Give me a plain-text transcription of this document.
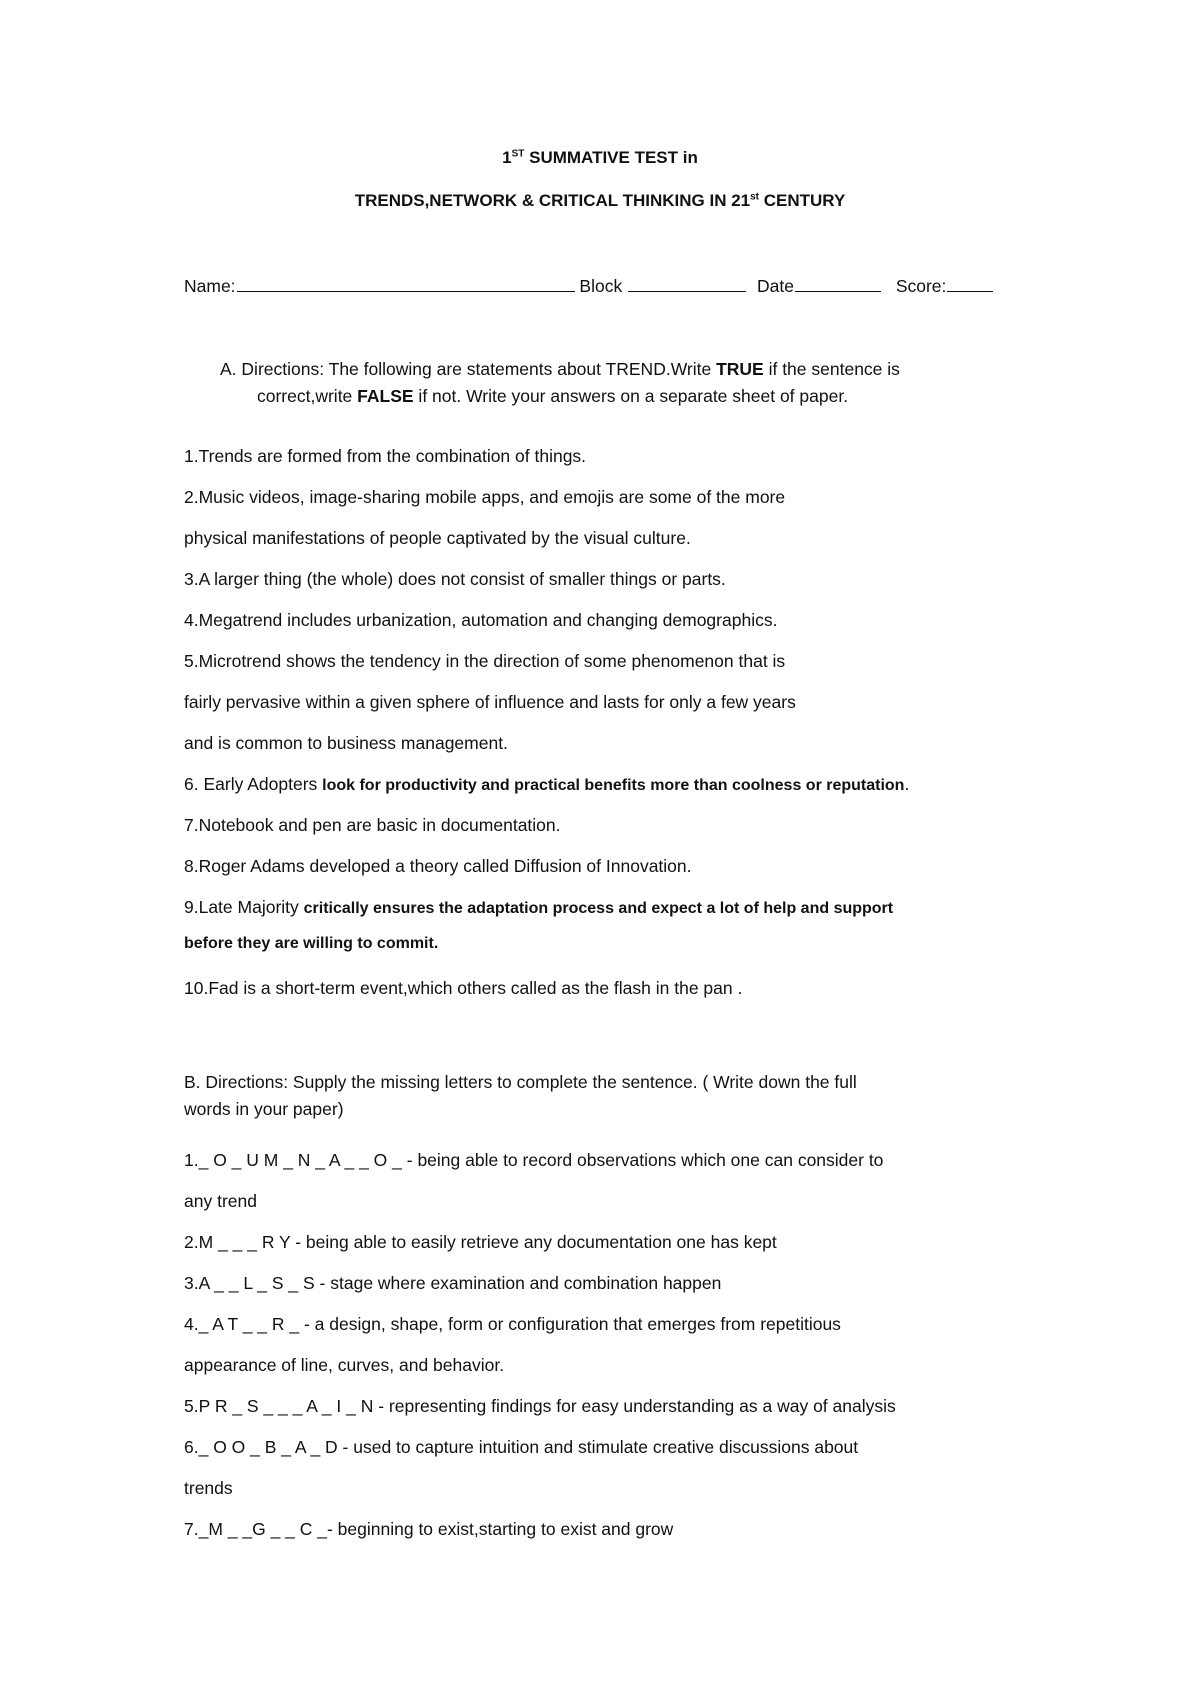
1ST SUMMATIVE TEST in
TRENDS,NETWORK & CRITICAL THINKING IN 21st CENTURY
Name:	Block	Date	Score:
A. Directions: The following are statements about TREND.Write TRUE if the sentence is
correct,write FALSE if not. Write your answers on a separate sheet of paper.
1.Trends are formed from the combination of things.
2.Music videos, image-sharing mobile apps, and emojis are some of the more
physical manifestations of people captivated by the visual culture.
3.A larger thing (the whole) does not consist of smaller things or parts.
4.Megatrend includes urbanization, automation and changing demographics.
5.Microtrend shows the tendency in the direction of some phenomenon that is
fairly pervasive within a given sphere of influence and lasts for only a few years
and is common to business management.
6. Early Adopters look for productivity and practical benefits more than coolness or reputation.
7.Notebook and pen are basic in documentation.
8.Roger Adams developed a theory called Diffusion of Innovation.
9.Late Majority critically ensures the adaptation process and expect a lot of help and support
before they are willing to commit.
10.Fad is a short-term event,which others called as the flash in the pan .
B. Directions: Supply the missing letters to complete the sentence. ( Write down the full
words in your paper)
1._ O _ U M _ N _ A _ _ O _ - being able to record observations which one can consider to
any trend
2.M _ _ _ R Y - being able to easily retrieve any documentation one has kept
3.A _ _ L _ S _ S - stage where examination and combination happen
4._ A T _ _ R _ - a design, shape, form or configuration that emerges from repetitious
appearance of line, curves, and behavior.
5.P R _ S _ _ _ A _ I _ N - representing findings for easy understanding as a way of analysis
6._ O O _ B _ A _ D - used to capture intuition and stimulate creative discussions about
trends
7._M _ _G _ _ C _- beginning to exist,starting to exist and grow
